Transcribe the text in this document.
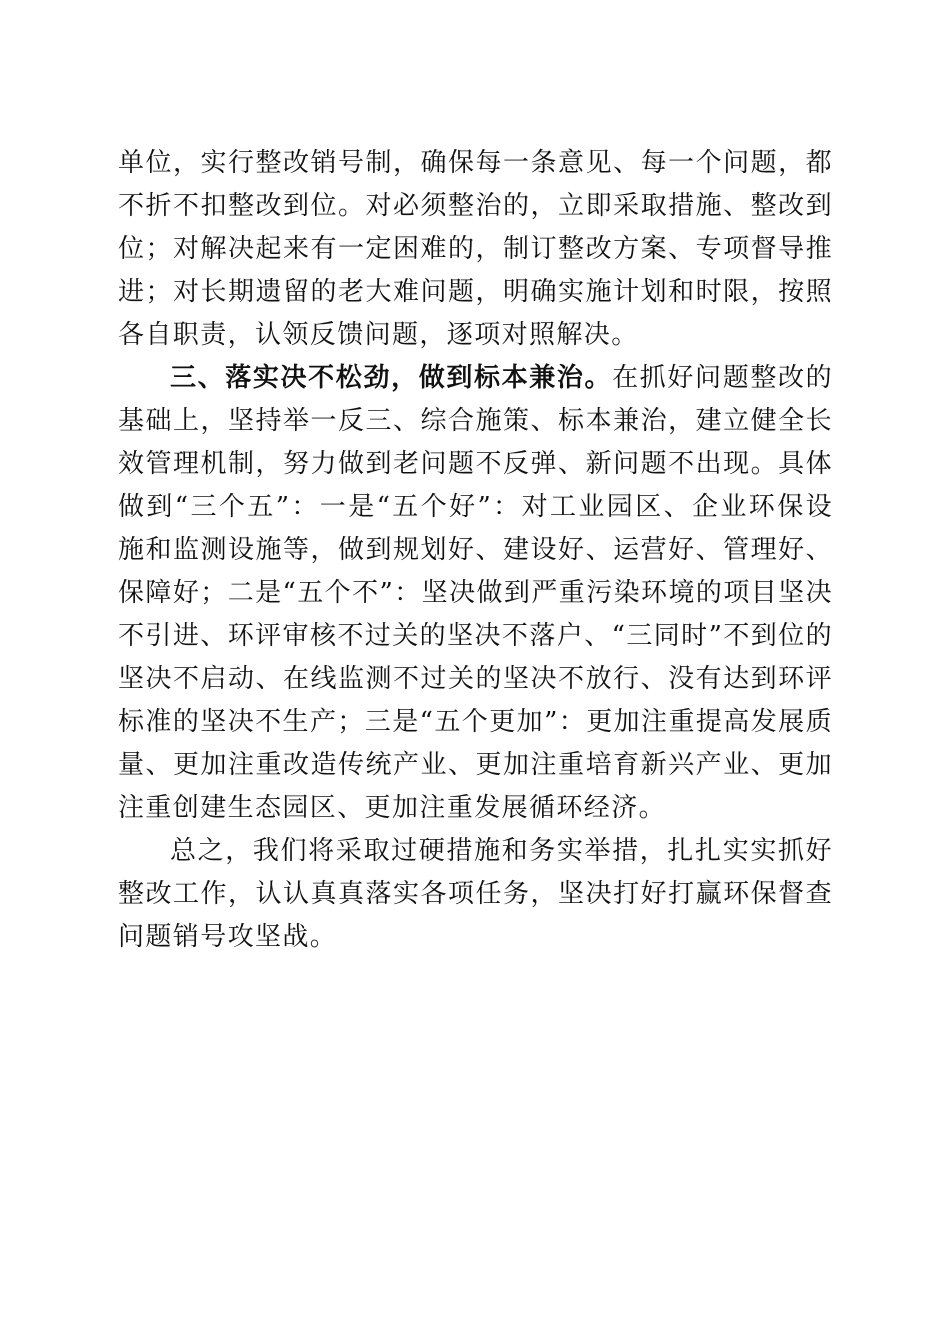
单位，实行整改销号制，确保每一条意见、每一个问题，都不折不扣整改到位。对必须整治的，立即采取措施、整改到位；对解决起来有一定困难的，制订整改方案、专项督导推进；对长期遗留的老大难问题，明确实施计划和时限，按照各自职责，认领反馈问题，逐项对照解决。

三、落实决不松劲，做到标本兼治。在抓好问题整改的基础上，坚持举一反三、综合施策、标本兼治，建立健全长效管理机制，努力做到老问题不反弹、新问题不出现。具体做到“三个五”：一是“五个好”：对工业园区、企业环保设施和监测设施等，做到规划好、建设好、运营好、管理好、保障好；二是“五个不”：坚决做到严重污染环境的项目坚决不引进、环评审核不过关的坚决不落户、“三同时”不到位的坚决不启动、在线监测不过关的坚决不放行、没有达到环评标准的坚决不生产；三是“五个更加”：更加注重提高发展质量、更加注重改造传统产业、更加注重培育新兴产业、更加注重创建生态园区、更加注重发展循环经济。

总之，我们将采取过硬措施和务实举措，扎扎实实抓好整改工作，认认真真落实各项任务，坚决打好打赢环保督查问题销号攻坚战。
